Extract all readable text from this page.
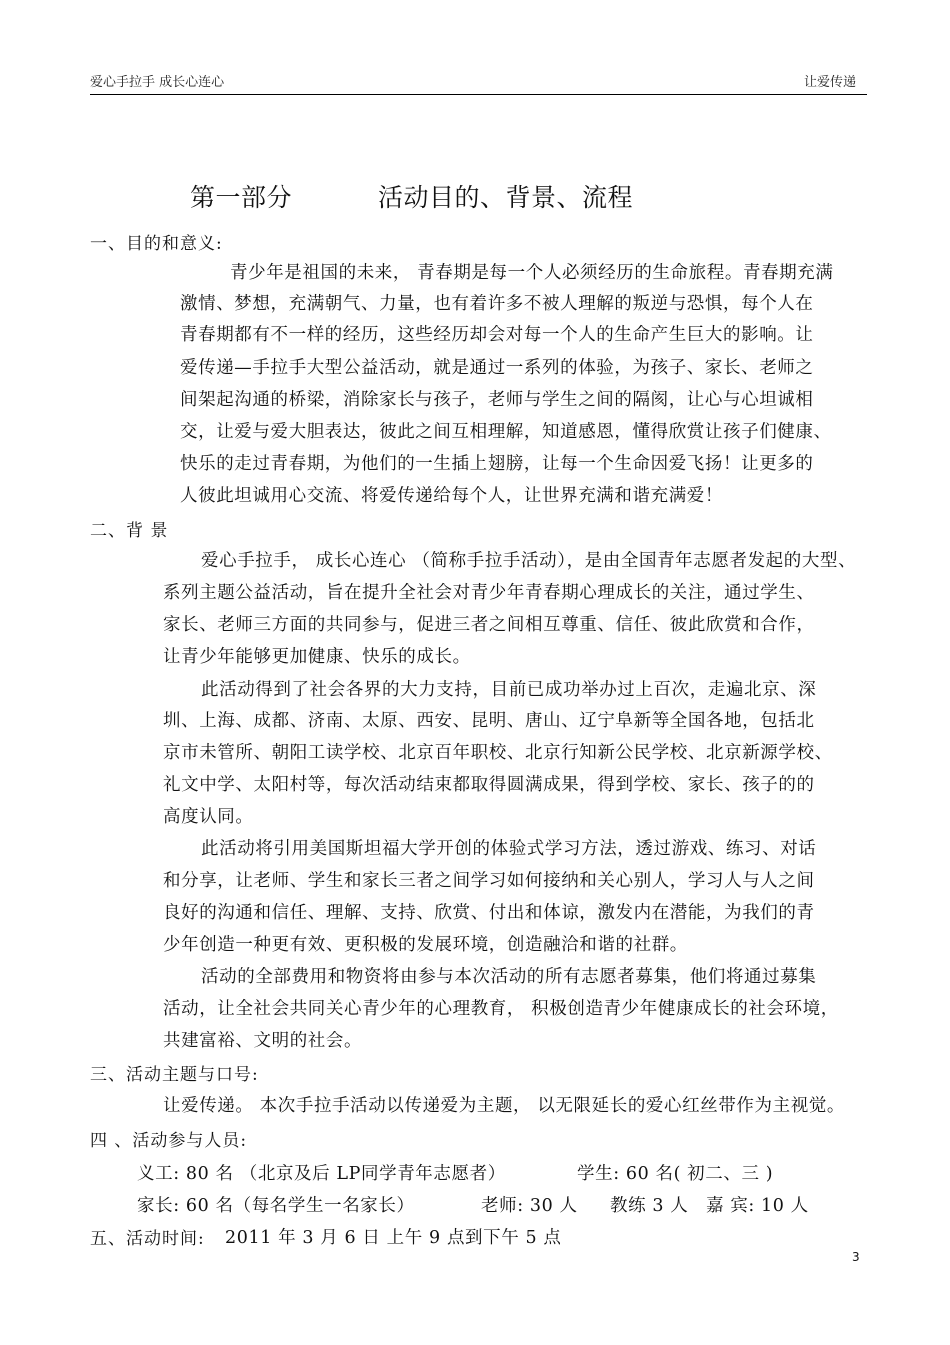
爱心手拉手 成长心连心	让爱传递
第一部分	活动目的、背景、流程
一、目的和意义:
青少年是祖国的未来， 青春期是每一个人必须经历的生命旅程。青春期充满
激情、梦想，充满朝气、力量，也有着许多不被人理解的叛逆与恐惧，每个人在
青春期都有不一样的经历，这些经历却会对每一个人的生命产生巨大的影响。让
爱传递—手拉手大型公益活动，就是通过一系列的体验，为孩子、家长、老师之
间架起沟通的桥梁，消除家长与孩子，老师与学生之间的隔阂，让心与心坦诚相
交，让爱与爱大胆表达，彼此之间互相理解，知道感恩，懂得欣赏让孩子们健康、
快乐的走过青春期，为他们的一生插上翅膀，让每一个生命因爱飞扬！让更多的
人彼此坦诚用心交流、将爱传递给每个人，让世界充满和谐充满爱！
二、背 景
爱心手拉手， 成长心连心 （简称手拉手活动），是由全国青年志愿者发起的大型、
系列主题公益活动，旨在提升全社会对青少年青春期心理成长的关注，通过学生、
家长、老师三方面的共同参与，促进三者之间相互尊重、信任、彼此欣赏和合作，
让青少年能够更加健康、快乐的成长。
此活动得到了社会各界的大力支持，目前已成功举办过上百次，走遍北京、深
圳、上海、成都、济南、太原、西安、昆明、唐山、辽宁阜新等全国各地，包括北
京市未管所、朝阳工读学校、北京百年职校、北京行知新公民学校、北京新源学校、
礼文中学、太阳村等，每次活动结束都取得圆满成果，得到学校、家长、孩子的的
高度认同。
此活动将引用美国斯坦福大学开创的体验式学习方法，透过游戏、练习、对话
和分享，让老师、学生和家长三者之间学习如何接纳和关心别人，学习人与人之间
良好的沟通和信任、理解、支持、欣赏、付出和体谅，激发内在潜能，为我们的青
少年创造一种更有效、更积极的发展环境，创造融洽和谐的社群。
活动的全部费用和物资将由参与本次活动的所有志愿者募集，他们将通过募集
活动，让全社会共同关心青少年的心理教育， 积极创造青少年健康成长的社会环境，
共建富裕、文明的社会。
三、活动主题与口号:
让爱传递。 本次手拉手活动以传递爱为主题， 以无限延长的爱心红丝带作为主视觉。
四 、活动参与人员:
义工: 80 名 （北京及后 LP同学青年志愿者）	学生: 60 名( 初二、三 )
家长: 60 名（每名学生一名家长）	老师: 30 人 教练 3 人 嘉 宾: 10 人
五、活动时间: 2011 年 3 月 6 日 上午 9 点到下午 5 点
3
